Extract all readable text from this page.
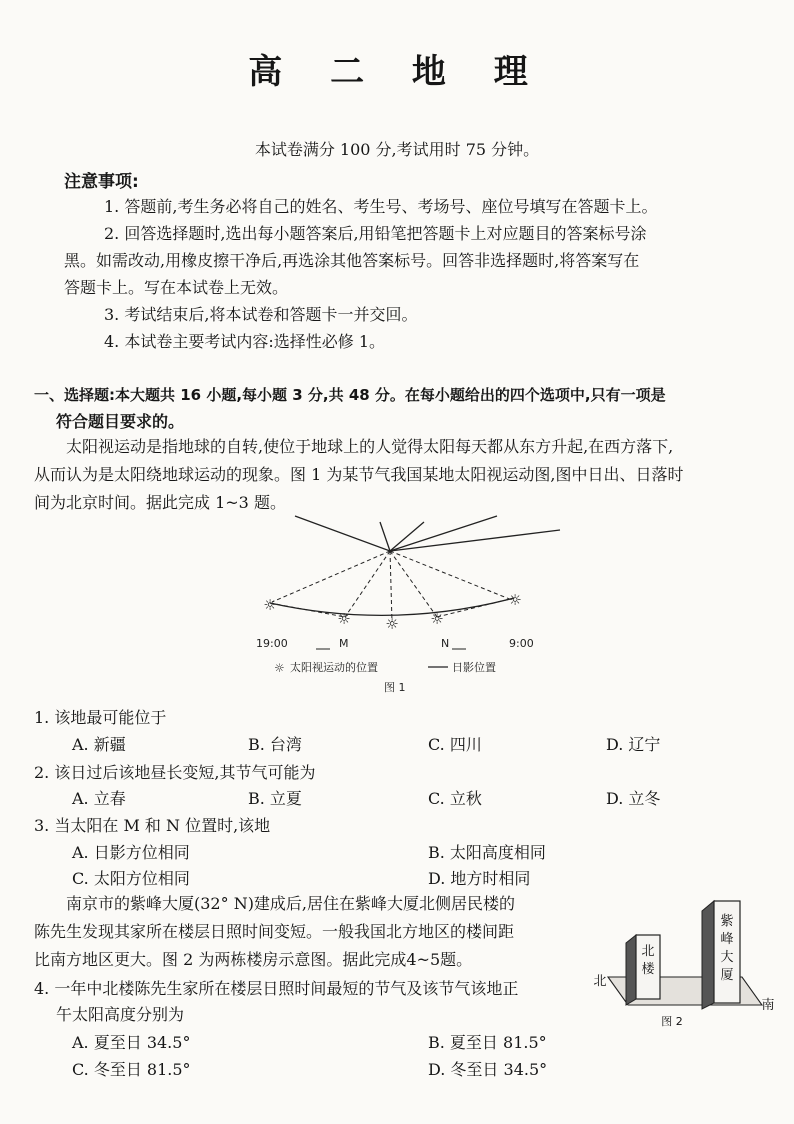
高 二 地 理
本试卷满分 100 分,考试用时 75 分钟。
注意事项:
1. 答题前,考生务必将自己的姓名、考生号、考场号、座位号填写在答题卡上。
2. 回答选择题时,选出每小题答案后,用铅笔把答题卡上对应题目的答案标号涂
黑。如需改动,用橡皮擦干净后,再选涂其他答案标号。回答非选择题时,将答案写在
答题卡上。写在本试卷上无效。
3. 考试结束后,将本试卷和答题卡一并交回。
4. 本试卷主要考试内容:选择性必修 1。
一、选择题:本大题共 16 小题,每小题 3 分,共 48 分。在每小题给出的四个选项中,只有一项是
符合题目要求的。
太阳视运动是指地球的自转,使位于地球上的人觉得太阳每天都从东方升起,在西方落下,
从而认为是太阳绕地球运动的现象。图 1 为某节气我国某地太阳视运动图,图中日出、日落时
间为北京时间。据此完成 1~3 题。
☼
☼ ☼ ☼
☼
19:00	M	N	9:00
☼ 太阳视运动的位置	日影位置
图 1
1. 该地最可能位于
A. 新疆	B. 台湾	C. 四川	D. 辽宁
2. 该日过后该地昼长变短,其节气可能为
A. 立春	B. 立夏	C. 立秋	D. 立冬
3. 当太阳在 M 和 N 位置时,该地
A. 日影方位相同	B. 太阳高度相同
C. 太阳方位相同	D. 地方时相同
南京市的紫峰大厦(32° N)建成后,居住在紫峰大厦北侧居民楼的
陈先生发现其家所在楼层日照时间变短。一般我国北方地区的楼间距
比南方地区更大。图 2 为两栋楼房示意图。据此完成4~5题。
4. 一年中北楼陈先生家所在楼层日照时间最短的节气及该节气该地正
午太阳高度分别为
A. 夏至日 34.5°	B. 夏至日 81.5°
C. 冬至日 81.5°	D. 冬至日 34.5°
北
楼
紫
峰
大
厦
北
南
图 2
